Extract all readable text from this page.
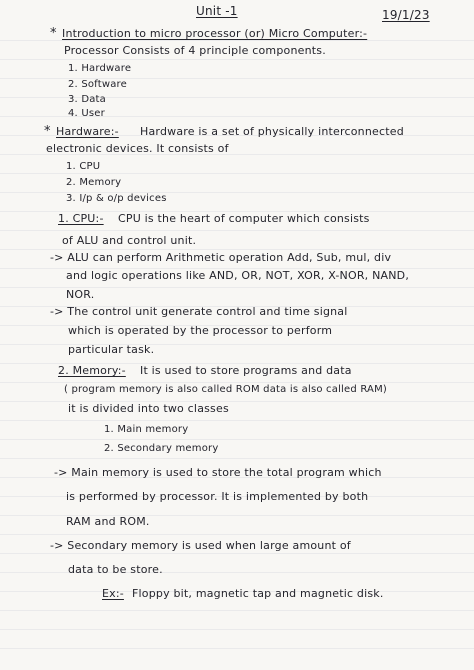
Unit -1	19/1/23
* Introduction to micro processor (or) Micro Computer:-
Processor Consists of 4 principle components.
1. Hardware
2. Software
3. Data
4. User
* Hardware:- Hardware is a set of physically interconnected
electronic devices. It consists of
1. CPU
2. Memory
3. I/p & o/p devices
1. CPU:- CPU is the heart of computer which consists
of ALU and control unit.
-> ALU can perform Arithmetic operation Add, Sub, mul, div
and logic operations like AND, OR, NOT, XOR, X-NOR, NAND,
NOR.
-> The control unit generate control and time signal
which is operated by the processor to perform
particular task.
2. Memory:- It is used to store programs and data
( program memory is also called ROM data is also called RAM)
it is divided into two classes
1. Main memory
2. Secondary memory
-> Main memory is used to store the total program which
is performed by processor. It is implemented by both
RAM and ROM.
-> Secondary memory is used when large amount of
data to be store.
Ex:- Floppy bit, magnetic tap and magnetic disk.
